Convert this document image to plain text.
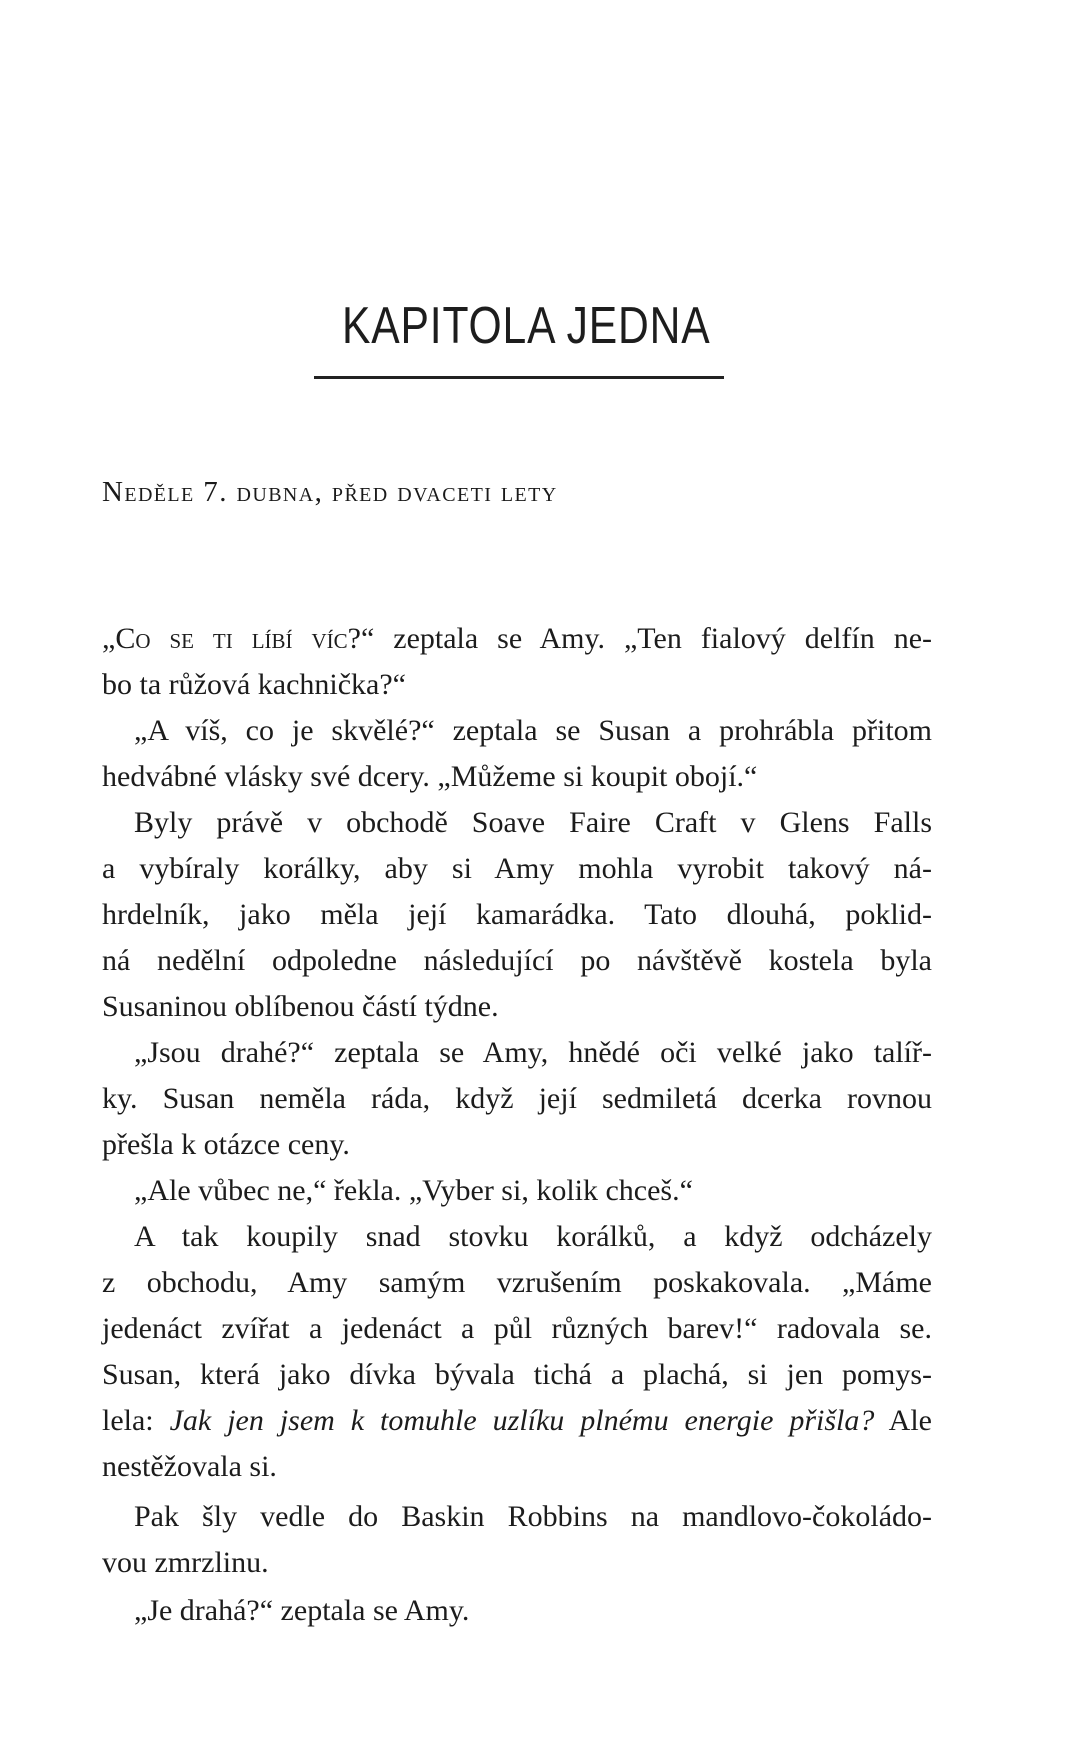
KAPITOLA JEDNA
Neděle 7. dubna, před dvaceti lety
„Co se ti líbí víc?“ zeptala se Amy. „Ten fialový delfín ne-
bo ta růžová kachnička?“
„A víš, co je skvělé?“ zeptala se Susan a prohrábla přitom
hedvábné vlásky své dcery. „Můžeme si koupit obojí.“
Byly právě v obchodě Soave Faire Craft v Glens Falls
a vybíraly korálky, aby si Amy mohla vyrobit takový ná-
hrdelník, jako měla její kamarádka. Tato dlouhá, poklid-
ná nedělní odpoledne následující po návštěvě kostela byla
Susaninou oblíbenou částí týdne.
„Jsou drahé?“ zeptala se Amy, hnědé oči velké jako talíř-
ky. Susan neměla ráda, když její sedmiletá dcerka rovnou
přešla k otázce ceny.
„Ale vůbec ne,“ řekla. „Vyber si, kolik chceš.“
A tak koupily snad stovku korálků, a když odcházely
z obchodu, Amy samým vzrušením poskakovala. „Máme
jedenáct zvířat a jedenáct a půl různých barev!“ radovala se.
Susan, která jako dívka bývala tichá a plachá, si jen pomys-
lela: Jak jen jsem k tomuhle uzlíku plnému energie přišla? Ale
nestěžovala si.
Pak šly vedle do Baskin Robbins na mandlovo-čokoládo-
vou zmrzlinu.
„Je drahá?“ zeptala se Amy.
